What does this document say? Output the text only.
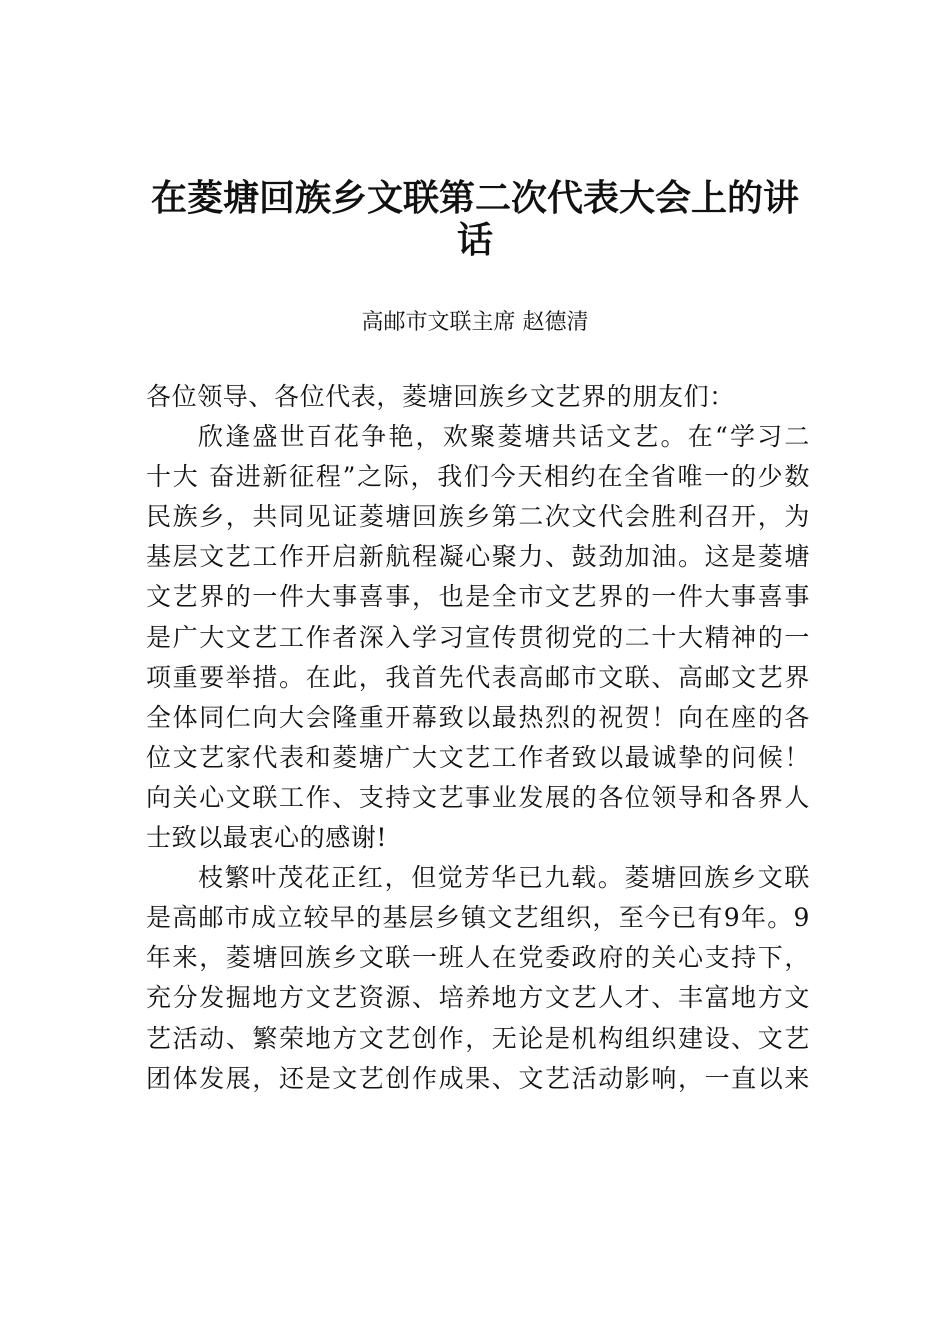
在菱塘回族乡文联第二次代表大会上的讲
话

高邮市文联主席 赵德清

各位领导、各位代表，菱塘回族乡文艺界的朋友们：
欣逢盛世百花争艳，欢聚菱塘共话文艺。在“学习二
十大 奋进新征程”之际，我们今天相约在全省唯一的少数
民族乡，共同见证菱塘回族乡第二次文代会胜利召开，为
基层文艺工作开启新航程凝心聚力、鼓劲加油。这是菱塘
文艺界的一件大事喜事，也是全市文艺界的一件大事喜事
是广大文艺工作者深入学习宣传贯彻党的二十大精神的一
项重要举措。在此，我首先代表高邮市文联、高邮文艺界
全体同仁向大会隆重开幕致以最热烈的祝贺！向在座的各
位文艺家代表和菱塘广大文艺工作者致以最诚挚的问候！
向关心文联工作、支持文艺事业发展的各位领导和各界人
士致以最衷心的感谢!
枝繁叶茂花正红，但觉芳华已九载。菱塘回族乡文联
是高邮市成立较早的基层乡镇文艺组织，至今已有9年。9
年来，菱塘回族乡文联一班人在党委政府的关心支持下，
充分发掘地方文艺资源、培养地方文艺人才、丰富地方文
艺活动、繁荣地方文艺创作，无论是机构组织建设、文艺
团体发展，还是文艺创作成果、文艺活动影响，一直以来
